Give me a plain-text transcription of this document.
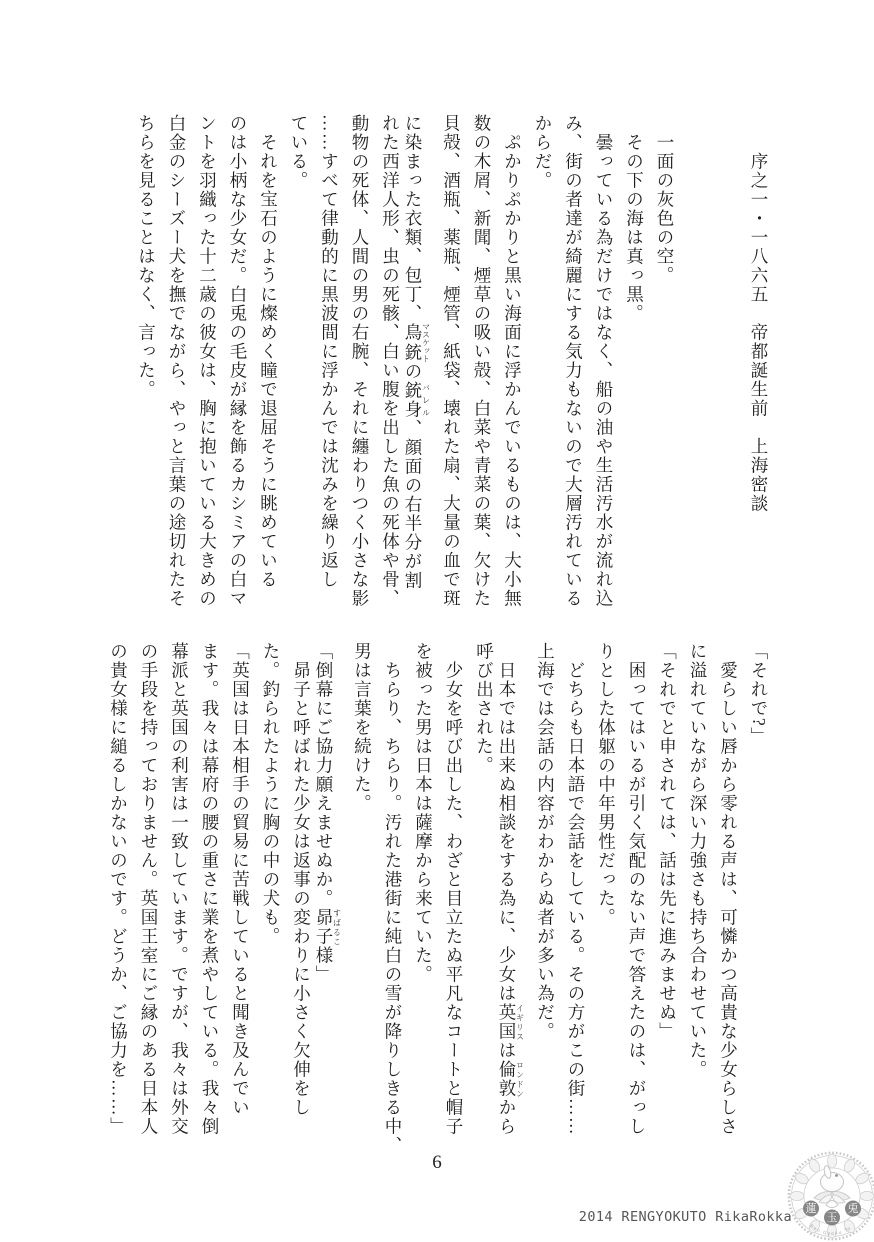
序之一・一八六五　帝都誕生前　上海密談

一面の灰色の空。

その下の海は真っ黒。

曇っている為だけではなく、船の油や生活汚水が流れ込

み、街の者達が綺麗にする気力もないので大層汚れている

からだ。

ぷかりぷかりと黒い海面に浮かんでいるものは、大小無

数の木屑、新聞、煙草の吸い殻、白菜や青菜の葉、欠けた

貝殻、酒瓶、薬瓶、煙管、紙袋、壊れた扇、大量の血で斑

に染まった衣類、包丁、鳥銃マスケットの銃身バレル、顔面の右半分が割

れた西洋人形、虫の死骸、白い腹を出した魚の死体や骨、

動物の死体、人間の男の右腕、それに纏わりつく小さな影

……すべて律動的に黒波間に浮かんでは沈みを繰り返し

ている。

それを宝石のように燦めく瞳で退屈そうに眺めている

のは小柄な少女だ。白兎の毛皮が縁を飾るカシミアの白マ

ントを羽織った十二歳の彼女は、胸に抱いている大きめの

白金のシーズー犬を撫でながら、やっと言葉の途切れたそ

ちらを見ることはなく、言った。

「それで?」

愛らしい唇から零れる声は、可憐かつ高貴な少女らしさ

に溢れていながら深い力強さも持ち合わせていた。

「それでと申されては、話は先に進みませぬ」

困ってはいるが引く気配のない声で答えたのは、がっし

りとした体躯の中年男性だった。

どちらも日本語で会話をしている。その方がこの街……

上海では会話の内容がわからぬ者が多い為だ。

日本では出来ぬ相談をする為に、少女は英国イギリスは倫敦ロンドンから

呼び出された。

少女を呼び出した、わざと目立たぬ平凡なコートと帽子

を被った男は日本は薩摩から来ていた。

ちらり、ちらり。汚れた港街に純白の雪が降りしきる中、

男は言葉を続けた。

「倒幕にご協力願えませぬか。昴子すばるこ様」

昴子と呼ばれた少女は返事の変わりに小さく欠伸をし

た。釣られたように胸の中の犬も。

「英国は日本相手の貿易に苦戦していると聞き及んでい

ます。我々は幕府の腰の重さに業を煮やしている。我々倒

幕派と英国の利害は一致しています。ですが、我々は外交

の手段を持っておりません。英国王室にご縁のある日本人

の貴女様に縋るしかないのです。どうか、ご協力を……」

6
2014 RENGYOKUTO RikaRokka 蓮
玉
兎
Ren Gyoku To
